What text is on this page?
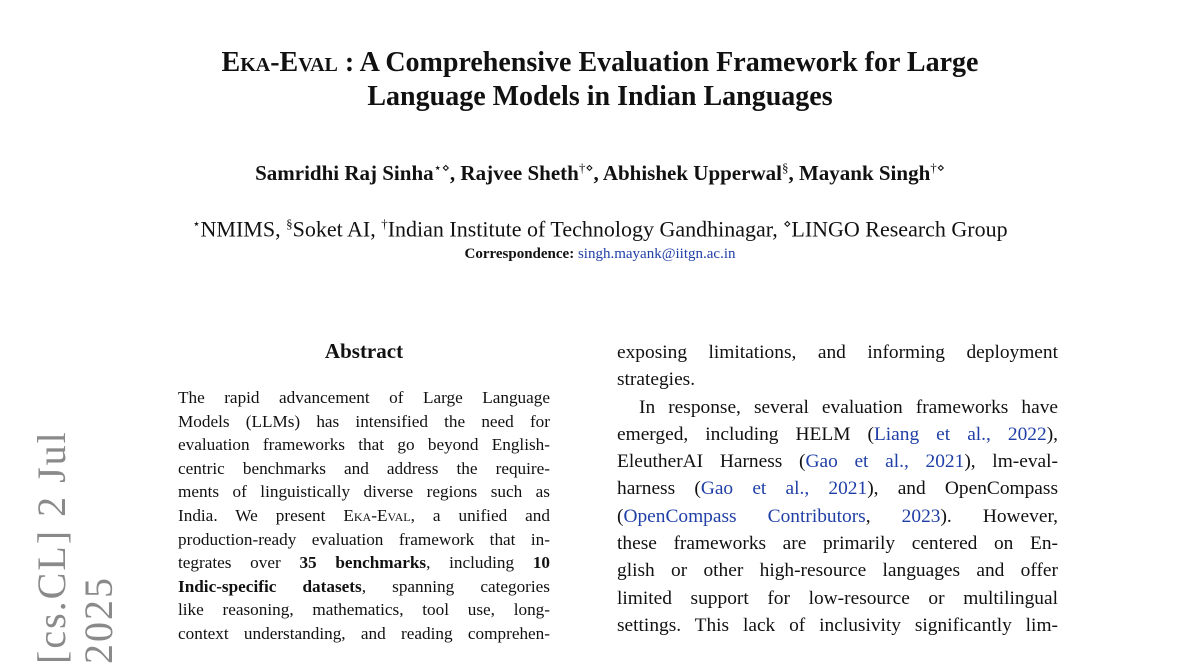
Eka-Eval : A Comprehensive Evaluation Framework for Large
Language Models in Indian Languages
Samridhi Raj Sinha⋆⋄, Rajvee Sheth†⋄, Abhishek Upperwal§, Mayank Singh†⋄
⋆NMIMS, §Soket AI, †Indian Institute of Technology Gandhinagar, ⋄LINGO Research Group
Correspondence: singh.mayank@iitgn.ac.in
Abstract
The rapid advancement of Large Language
Models (LLMs) has intensified the need for
evaluation frameworks that go beyond English-
centric benchmarks and address the require-
ments of linguistically diverse regions such as
India. We present Eka-Eval, a unified and
production-ready evaluation framework that in-
tegrates over 35 benchmarks, including 10
Indic-specific datasets, spanning categories
like reasoning, mathematics, tool use, long-
context understanding, and reading comprehen-
exposing limitations, and informing deployment
strategies.
In response, several evaluation frameworks have
emerged, including HELM (Liang et al., 2022),
EleutherAI Harness (Gao et al., 2021), lm-eval-
harness (Gao et al., 2021), and OpenCompass
(OpenCompass Contributors, 2023). However,
these frameworks are primarily centered on En-
glish or other high-resource languages and offer
limited support for low-resource or multilingual
settings. This lack of inclusivity significantly lim-
[cs.CL] 2 Jul 2025
